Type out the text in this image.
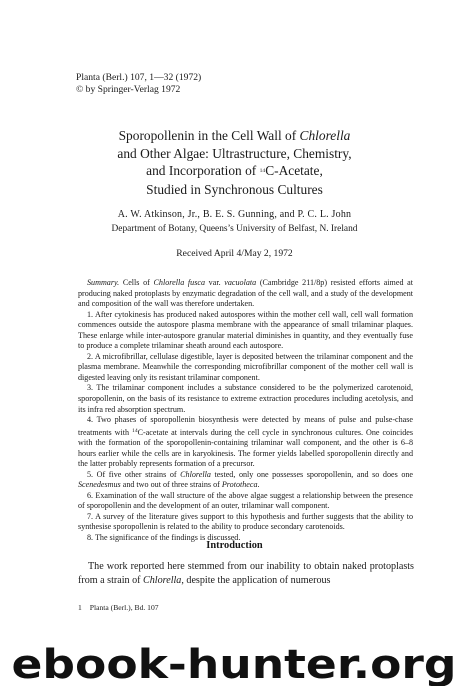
Planta (Berl.) 107, 1—32 (1972)
© by Springer-Verlag 1972
Sporopollenin in the Cell Wall of Chlorella
and Other Algae: Ultrastructure, Chemistry,
and Incorporation of $^{14}$C-Acetate,
Studied in Synchronous Cultures
A. W. Atkinson, Jr., B. E. S. Gunning, and P. C. L. John
Department of Botany, Queens’s University of Belfast, N. Ireland
Received April 4/May 2, 1972

Summary. Cells of Chlorella fusca var. vacuolata (Cambridge 211/8p) resisted efforts aimed at producing naked protoplasts by enzymatic degradation of the cell wall, and a study of the development and composition of the wall was therefore undertaken.

1. After cytokinesis has produced naked autospores within the mother cell wall, cell wall formation commences outside the autospore plasma membrane with the appearance of small trilaminar plaques. These enlarge while inter-autospore granular material diminishes in quantity, and they eventually fuse to produce a complete trilaminar sheath around each autospore.

2. A microfibrillar, cellulase digestible, layer is deposited between the trilaminar component and the plasma membrane. Meanwhile the corresponding microfibrillar component of the mother cell wall is digested leaving only its resistant trilaminar component.

3. The trilaminar component includes a substance considered to be the polymerized carotenoid, sporopollenin, on the basis of its resistance to extreme extraction procedures including acetolysis, and its infra red absorption spectrum.

4. Two phases of sporopollenin biosynthesis were detected by means of pulse and pulse-chase treatments with $^{14}$C-acetate at intervals during the cell cycle in synchronous cultures. One coincides with the formation of the sporopollenin-containing trilaminar wall component, and the other is 6–8 hours earlier while the cells are in karyokinesis. The former yields labelled sporopollenin directly and the latter probably represents formation of a precursor.

5. Of five other strains of Chlorella tested, only one possesses sporopollenin, and so does one Scenedesmus and two out of three strains of Prototheca.

6. Examination of the wall structure of the above algae suggest a relationship between the presence of sporopollenin and the development of an outer, trilaminar wall component.

7. A survey of the literature gives support to this hypothesis and further suggests that the ability to synthesise sporopollenin is related to the ability to produce secondary carotenoids.

8. The significance of the findings is discussed.

Introduction

The work reported here stemmed from our inability to obtain naked protoplasts from a strain of Chlorella, despite the application of numerous

1 Planta (Berl.), Bd. 107
ebook-hunter.org
